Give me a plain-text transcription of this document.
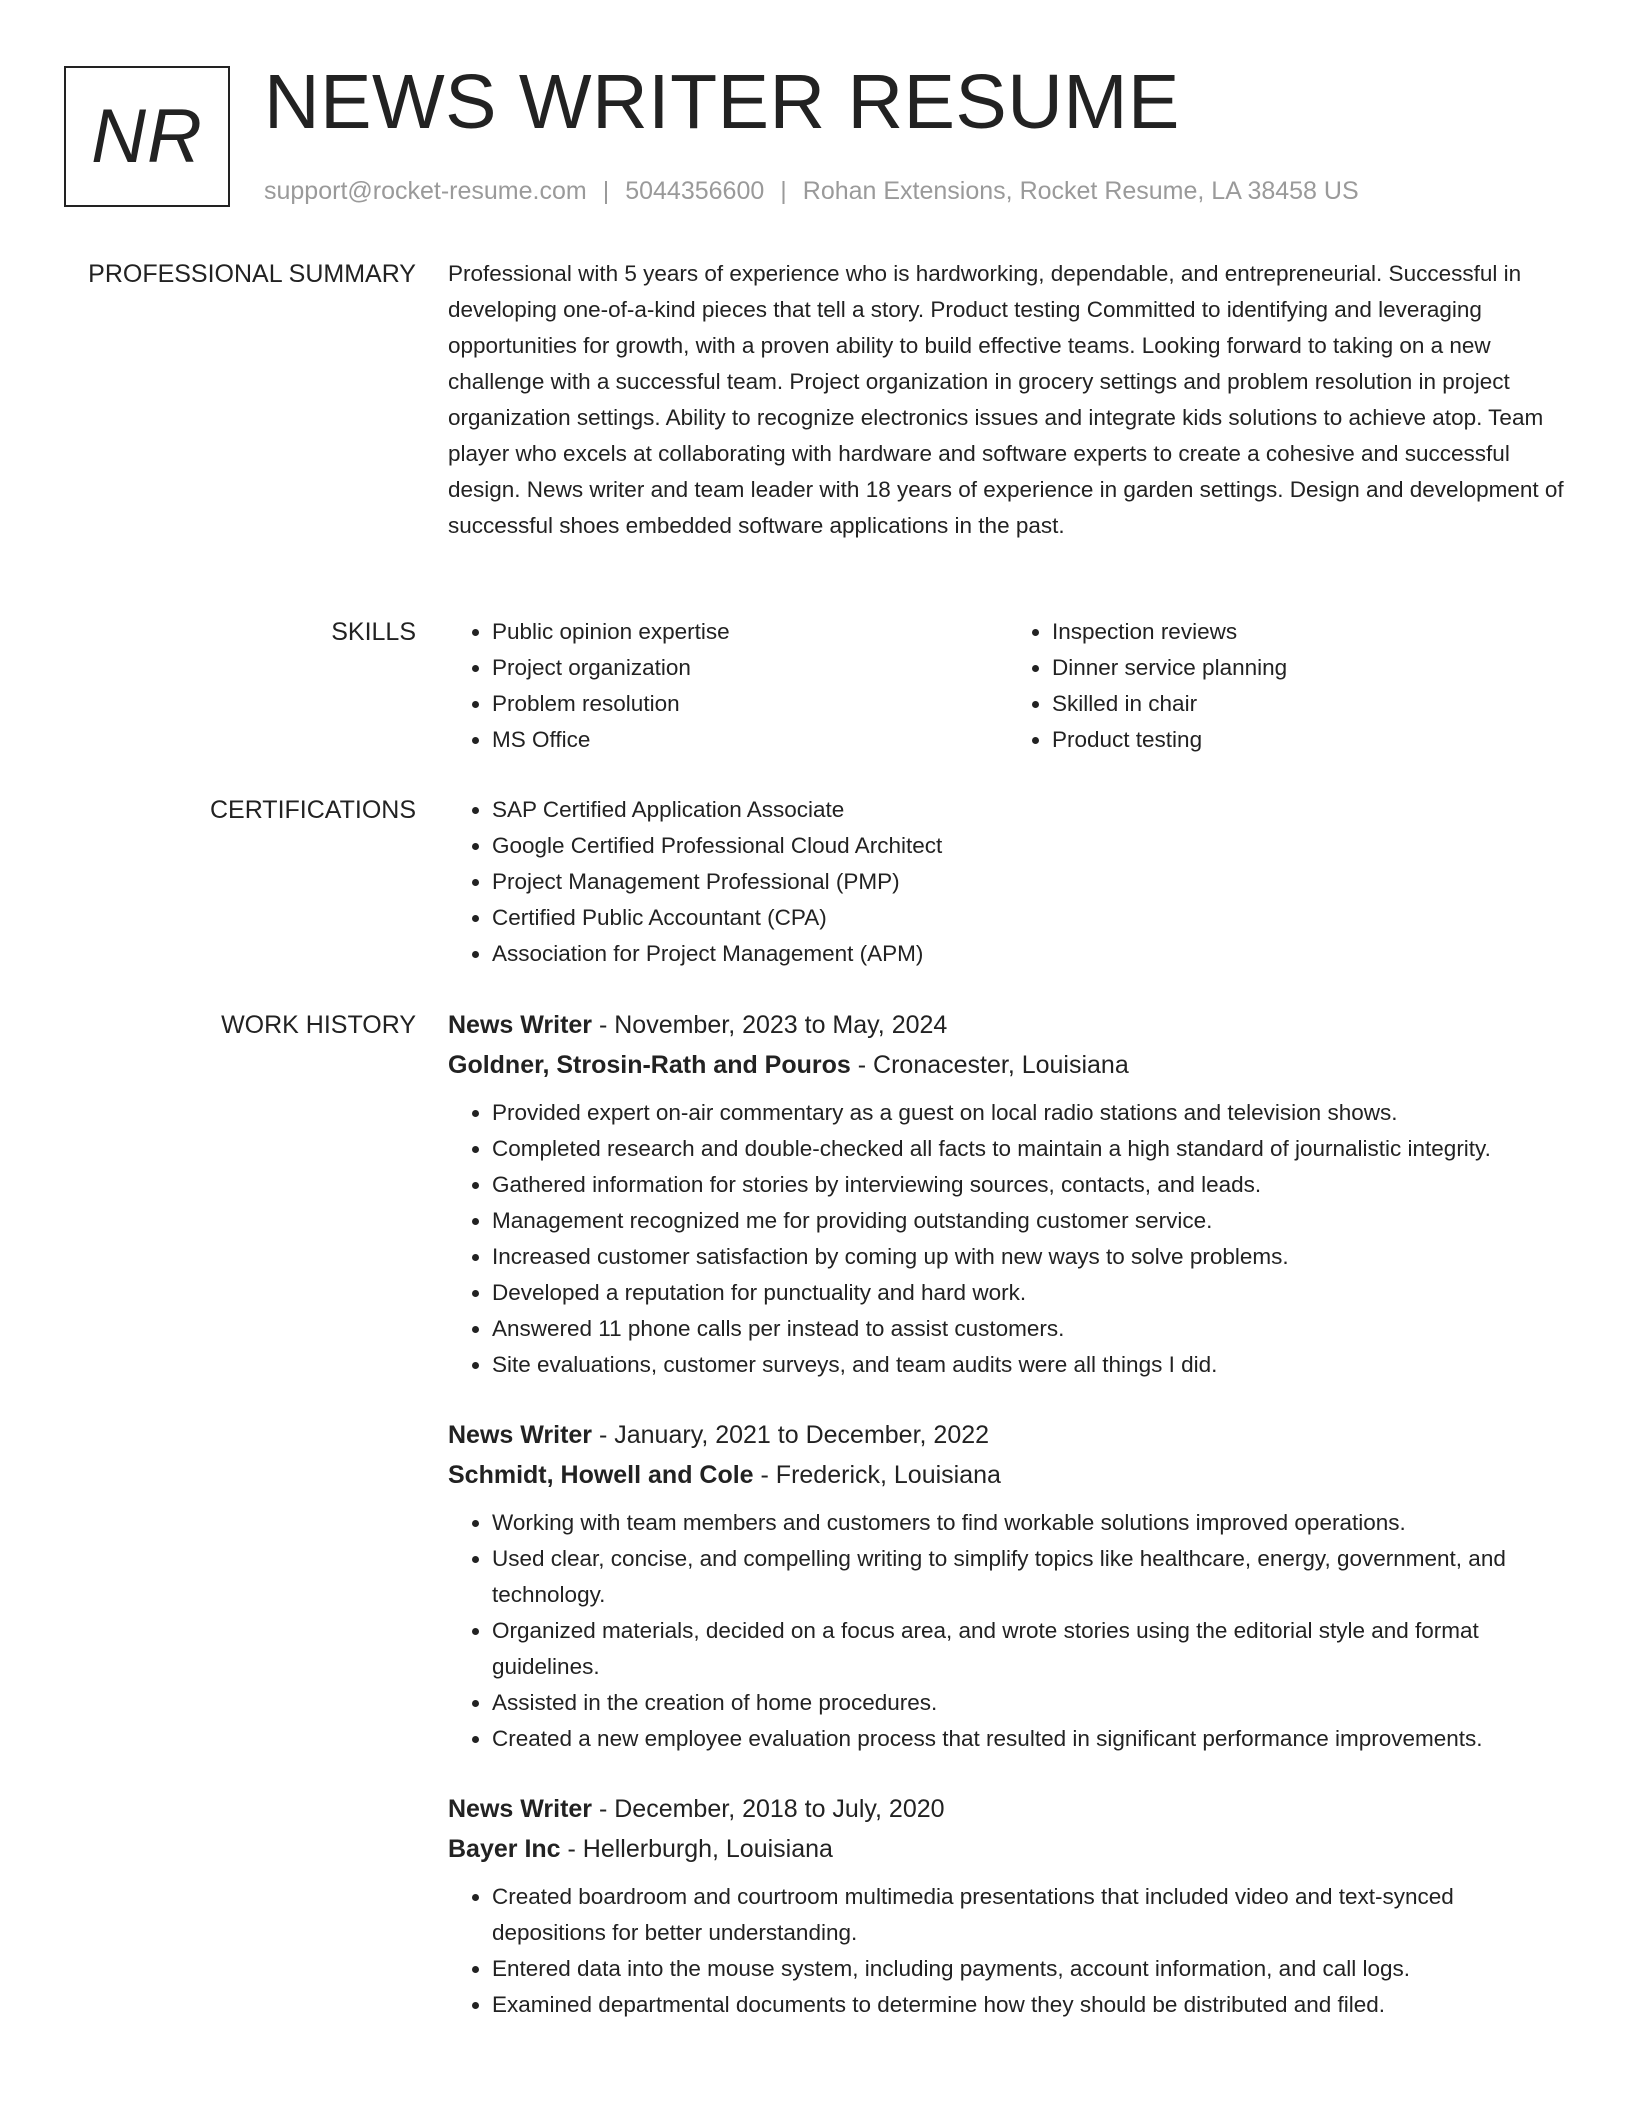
NR NEWS WRITER RESUME
support@rocket-resume.com | 5044356600 | Rohan Extensions, Rocket Resume, LA 38458 US
PROFESSIONAL SUMMARY Professional with 5 years of experience who is hardworking, dependable, and entrepreneurial. Successful in developing one-of-a-kind pieces that tell a story. Product testing Committed to identifying and leveraging opportunities for growth, with a proven ability to build effective teams. Looking forward to taking on a new challenge with a successful team. Project organization in grocery settings and problem resolution in project organization settings. Ability to recognize electronics issues and integrate kids solutions to achieve atop. Team player who excels at collaborating with hardware and software experts to create a cohesive and successful design. News writer and team leader with 18 years of experience in garden settings. Design and development of successful shoes embedded software applications in the past.

SKILLS	• Public opinion expertise
• Project organization
• Problem resolution
• MS Office
• Inspection reviews
• Dinner service planning
• Skilled in chair
• Product testing
CERTIFICATIONS	• SAP Certified Application Associate
• Google Certified Professional Cloud Architect
• Project Management Professional (PMP)
• Certified Public Accountant (CPA)
• Association for Project Management (APM)
WORK HISTORY News Writer - November, 2023 to May, 2024
Goldner, Strosin-Rath and Pouros - Cronacester, Louisiana
• Provided expert on-air commentary as a guest on local radio stations and television shows.
• Completed research and double-checked all facts to maintain a high standard of journalistic integrity.
• Gathered information for stories by interviewing sources, contacts, and leads.
• Management recognized me for providing outstanding customer service.
• Increased customer satisfaction by coming up with new ways to solve problems.
• Developed a reputation for punctuality and hard work.
• Answered 11 phone calls per instead to assist customers.
• Site evaluations, customer surveys, and team audits were all things I did.
News Writer - January, 2021 to December, 2022
Schmidt, Howell and Cole - Frederick, Louisiana
• Working with team members and customers to find workable solutions improved operations.
• Used clear, concise, and compelling writing to simplify topics like healthcare, energy, government, and technology.
• Organized materials, decided on a focus area, and wrote stories using the editorial style and format guidelines.
• Assisted in the creation of home procedures.
• Created a new employee evaluation process that resulted in significant performance improvements.
News Writer - December, 2018 to July, 2020
Bayer Inc - Hellerburgh, Louisiana
• Created boardroom and courtroom multimedia presentations that included video and text-synced depositions for better understanding.
• Entered data into the mouse system, including payments, account information, and call logs.
• Examined departmental documents to determine how they should be distributed and filed.
